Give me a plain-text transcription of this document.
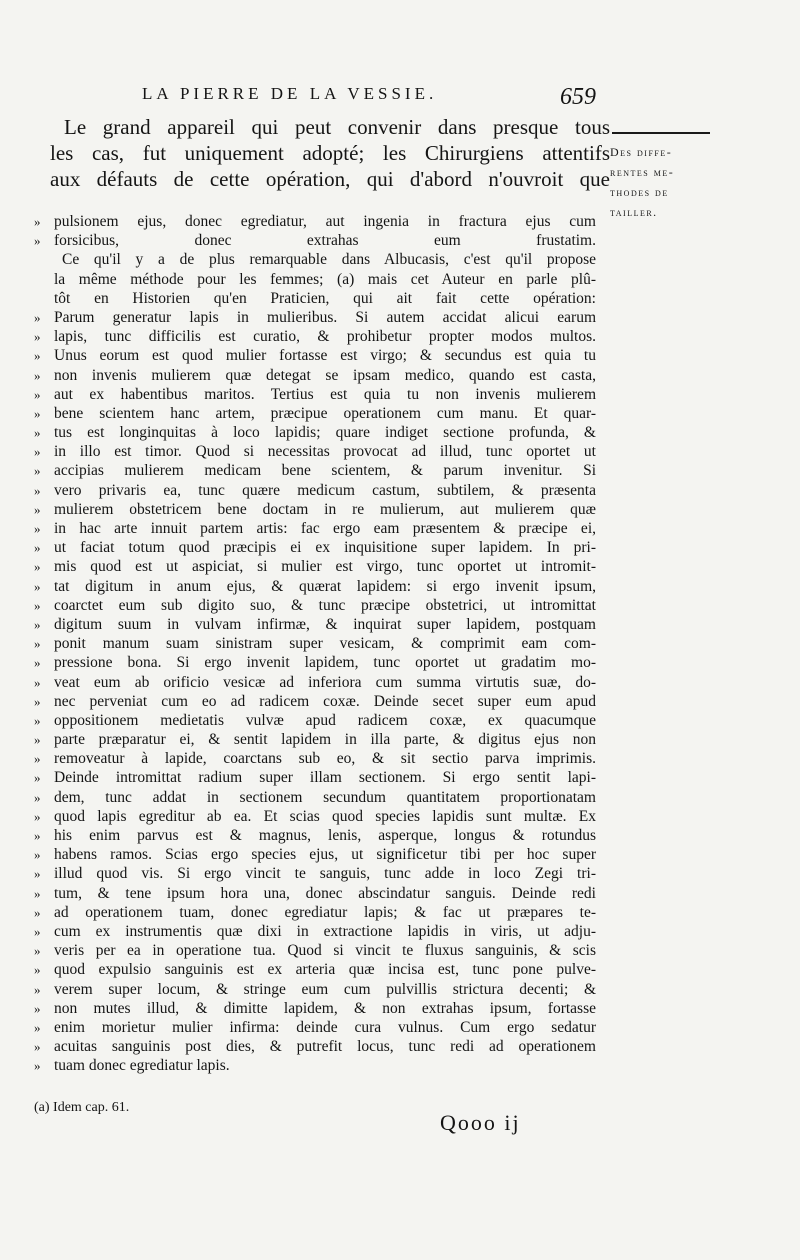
LA PIERRE DE LA VESSIE.	659
Le grand appareil qui peut convenir dans presque tous
les cas, fut uniquement adopté; les Chirurgiens attentifs
aux défauts de cette opération, qui d'abord n'ouvroit que
Des diffe-
rentes me-
thodes de
tailler.
» pulsionem ejus, donec egrediatur, aut ingenia in fractura ejus cum
» forsicibus, donec extrahas eum frustatim.
Ce qu'il y a de plus remarquable dans Albucasis, c'est qu'il propose
la même méthode pour les femmes; (a) mais cet Auteur en parle plû-
tôt en Historien qu'en Praticien, qui ait fait cette opération:
» Parum generatur lapis in mulieribus. Si autem accidat alicui earum
» lapis, tunc difficilis est curatio, & prohibetur propter modos multos.
» Unus eorum est quod mulier fortasse est virgo; & secundus est quia tu
» non invenis mulierem quæ detegat se ipsam medico, quando est casta,
» aut ex habentibus maritos. Tertius est quia tu non invenis mulierem
» bene scientem hanc artem, præcipue operationem cum manu. Et quar-
» tus est longinquitas à loco lapidis; quare indiget sectione profunda, &
» in illo est timor. Quod si necessitas provocat ad illud, tunc oportet ut
» accipias mulierem medicam bene scientem, & parum invenitur. Si
» vero privaris ea, tunc quære medicum castum, subtilem, & præsenta
» mulierem obstetricem bene doctam in re mulierum, aut mulierem quæ
» in hac arte innuit partem artis: fac ergo eam præsentem & præcipe ei,
» ut faciat totum quod præcipis ei ex inquisitione super lapidem. In pri-
» mis quod est ut aspiciat, si mulier est virgo, tunc oportet ut intromit-
» tat digitum in anum ejus, & quærat lapidem: si ergo invenit ipsum,
» coarctet eum sub digito suo, & tunc præcipe obstetrici, ut intromittat
» digitum suum in vulvam infirmæ, & inquirat super lapidem, postquam
» ponit manum suam sinistram super vesicam, & comprimit eam com-
» pressione bona. Si ergo invenit lapidem, tunc oportet ut gradatim mo-
» veat eum ab orificio vesicæ ad inferiora cum summa virtutis suæ, do-
» nec perveniat cum eo ad radicem coxæ. Deinde secet super eum apud
» oppositionem medietatis vulvæ apud radicem coxæ, ex quacumque
» parte præparatur ei, & sentit lapidem in illa parte, & digitus ejus non
» removeatur à lapide, coarctans sub eo, & sit sectio parva imprimis.
» Deinde intromittat radium super illam sectionem. Si ergo sentit lapi-
» dem, tunc addat in sectionem secundum quantitatem proportionatam
» quod lapis egreditur ab ea. Et scias quod species lapidis sunt multæ. Ex
» his enim parvus est & magnus, lenis, asperque, longus & rotundus
» habens ramos. Scias ergo species ejus, ut significetur tibi per hoc super
» illud quod vis. Si ergo vincit te sanguis, tunc adde in loco Zegi tri-
» tum, & tene ipsum hora una, donec abscindatur sanguis. Deinde redi
» ad operationem tuam, donec egrediatur lapis; & fac ut præpares te-
» cum ex instrumentis quæ dixi in extractione lapidis in viris, ut adju-
» veris per ea in operatione tua. Quod si vincit te fluxus sanguinis, & scis
» quod expulsio sanguinis est ex arteria quæ incisa est, tunc pone pulve-
» verem super locum, & stringe eum cum pulvillis strictura decenti; &
» non mutes illud, & dimitte lapidem, & non extrahas ipsum, fortasse
» enim morietur mulier infirma: deinde cura vulnus. Cum ergo sedatur
» acuitas sanguinis post dies, & putrefit locus, tunc redi ad operationem
» tuam donec egrediatur lapis.
(a) Idem cap. 61.
Qooo ij
